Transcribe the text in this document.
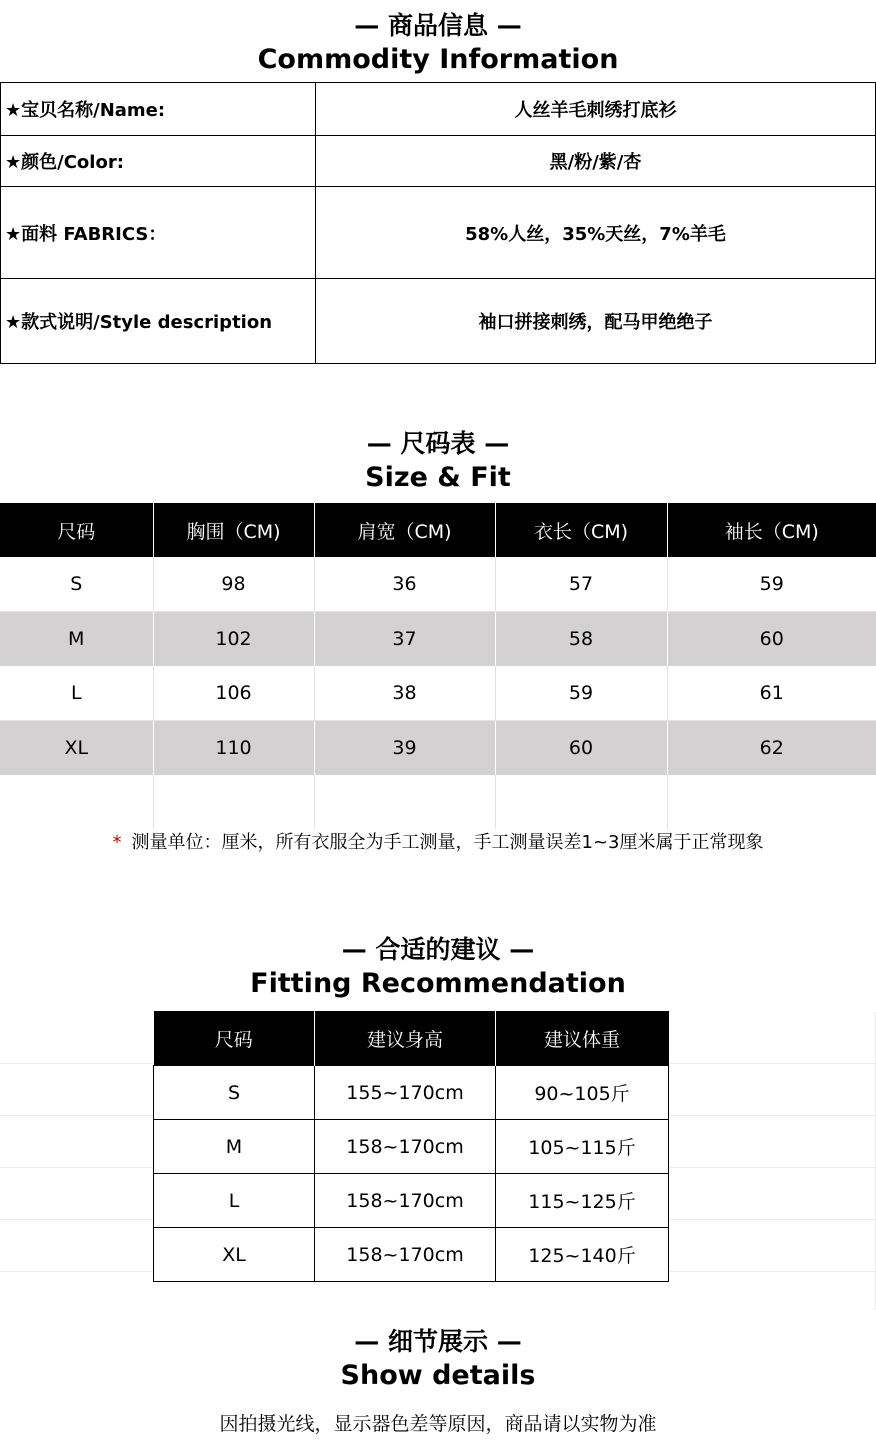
— 商品信息 —
Commodity Information
★宝贝名称/Name:	人丝羊毛刺绣打底衫
★颜色/Color:	黑/粉/紫/杏
★面料 FABRICS：	58%人丝，35%天丝，7%羊毛
★款式说明/Style description	袖口拼接刺绣，配马甲绝绝子
— 尺码表 —
Size & Fit
尺码	胸围（CM)	肩宽（CM)	衣长（CM)	袖长（CM)
S	98	36	57	59
M	102	37	58	60
L	106	38	59	61
XL	110	39	60	62

* 测量单位：厘米，所有衣服全为手工测量，手工测量误差1~3厘米属于正常现象
— 合适的建议 —
Fitting Recommendation
尺码	建议身高	建议体重
S	155~170cm	90~105斤
M	158~170cm	105~115斤
L	158~170cm	115~125斤
XL	158~170cm	125~140斤
— 细节展示 —
Show details
因拍摄光线，显示器色差等原因，商品请以实物为准
